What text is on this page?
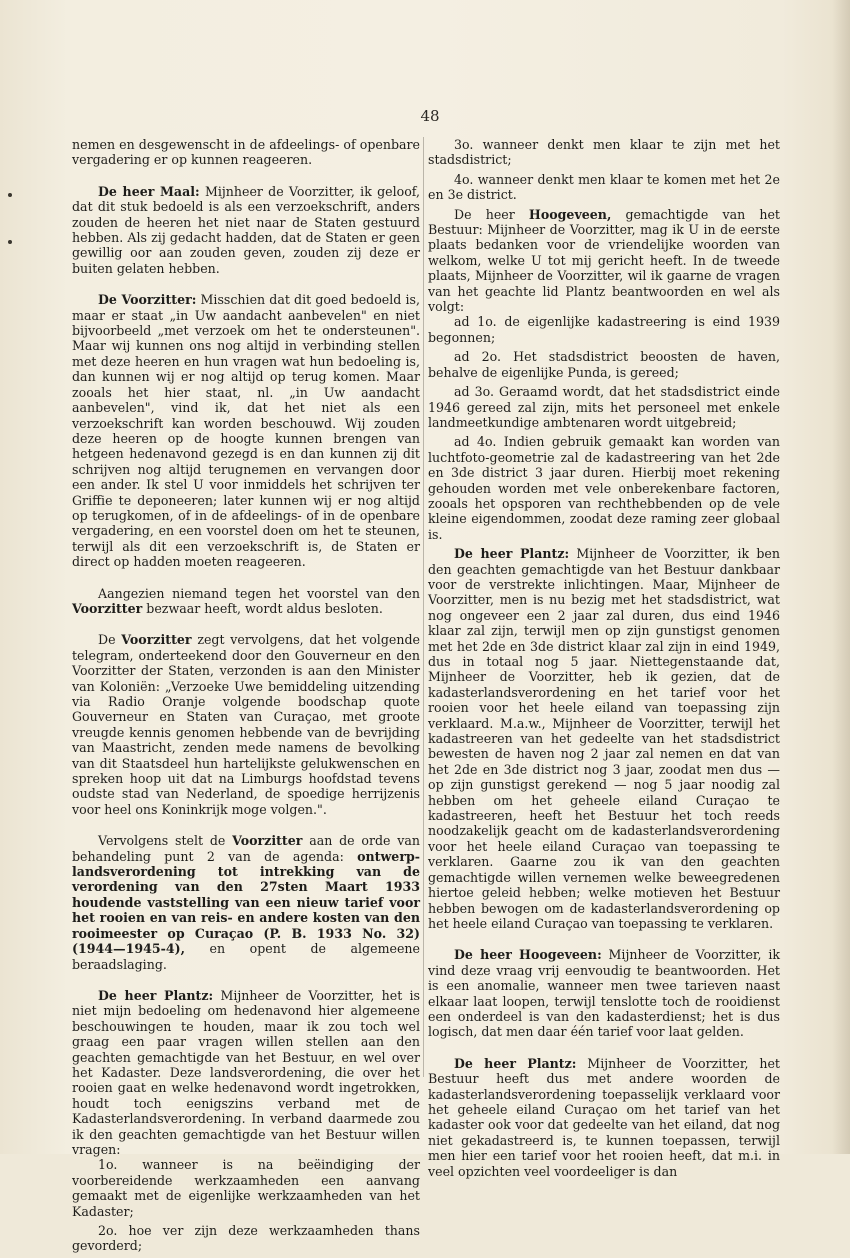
48

nemen en desgewenscht in de afdeelings- of openbare vergadering er op kunnen reageeren.

De heer Maal: Mijnheer de Voorzitter, ik geloof, dat dit stuk bedoeld is als een verzoekschrift, anders zouden de heeren het niet naar de Staten gestuurd hebben. Als zij gedacht hadden, dat de Staten er geen gewillig oor aan zouden geven, zouden zij deze er buiten gelaten hebben.

De Voorzitter: Misschien dat dit goed bedoeld is, maar er staat „in Uw aandacht aanbevelen" en niet bijvoorbeeld „met verzoek om het te ondersteunen". Maar wij kunnen ons nog altijd in verbinding stellen met deze heeren en hun vragen wat hun bedoeling is, dan kunnen wij er nog altijd op terug komen. Maar zooals het hier staat, nl. „in Uw aandacht aanbevelen", vind ik, dat het niet als een verzoekschrift kan worden beschouwd. Wij zouden deze heeren op de hoogte kunnen brengen van hetgeen hedenavond gezegd is en dan kunnen zij dit schrijven nog altijd terugnemen en vervangen door een ander. Ik stel U voor inmiddels het schrijven ter Griffie te deponeeren; later kunnen wij er nog altijd op terugkomen, of in de afdeelings- of in de openbare vergadering, en een voorstel doen om het te steunen, terwijl als dit een verzoekschrift is, de Staten er direct op hadden moeten reageeren.

Aangezien niemand tegen het voorstel van den Voorzitter bezwaar heeft, wordt aldus besloten.

De Voorzitter zegt vervolgens, dat het volgende telegram, onderteekend door den Gouverneur en den Voorzitter der Staten, verzonden is aan den Minister van Koloniën: „Verzoeke Uwe bemiddeling uitzending via Radio Oranje volgende boodschap quote Gouverneur en Staten van Curaçao, met groote vreugde kennis genomen hebbende van de bevrijding van Maastricht, zenden mede namens de bevolking van dit Staatsdeel hun hartelijkste gelukwenschen en spreken hoop uit dat na Limburgs hoofdstad tevens oudste stad van Nederland, de spoedige herrijzenis voor heel ons Koninkrijk moge volgen.".

Vervolgens stelt de Voorzitter aan de orde van behandeling punt 2 van de agenda: ontwerp-landsverordening tot intrekking van de verordening van den 27sten Maart 1933 houdende vaststelling van een nieuw tarief voor het rooien en van reis- en andere kosten van den rooimeester op Curaçao (P. B. 1933 No. 32) (1944—1945-4), en opent de algemeene beraadslaging.

De heer Plantz: Mijnheer de Voorzitter, het is niet mijn bedoeling om hedenavond hier algemeene beschouwingen te houden, maar ik zou toch wel graag een paar vragen willen stellen aan den geachten gemachtigde van het Bestuur, en wel over het Kadaster. Deze landsverordening, die over het rooien gaat en welke hedenavond wordt ingetrokken, houdt toch eenigszins verband met de Kadasterlandsverordening. In verband daarmede zou ik den geachten gemachtigde van het Bestuur willen vragen:

1o. wanneer is na beëindiging der voorbereidende werkzaamheden een aanvang gemaakt met de eigenlijke werkzaamheden van het Kadaster;

2o. hoe ver zijn deze werkzaamheden thans gevorderd;

3o. wanneer denkt men klaar te zijn met het stadsdistrict;

4o. wanneer denkt men klaar te komen met het 2e en 3e district.

De heer Hoogeveen, gemachtigde van het Bestuur: Mijnheer de Voorzitter, mag ik U in de eerste plaats bedanken voor de vriendelijke woorden van welkom, welke U tot mij gericht heeft. In de tweede plaats, Mijnheer de Voorzitter, wil ik gaarne de vragen van het geachte lid Plantz beantwoorden en wel als volgt:

ad 1o. de eigenlijke kadastreering is eind 1939 begonnen;

ad 2o. Het stadsdistrict beoosten de haven, behalve de eigenlijke Punda, is gereed;

ad 3o. Geraamd wordt, dat het stadsdistrict einde 1946 gereed zal zijn, mits het personeel met enkele landmeetkundige ambtenaren wordt uitgebreid;

ad 4o. Indien gebruik gemaakt kan worden van luchtfoto-geometrie zal de kadastreering van het 2de en 3de district 3 jaar duren. Hierbij moet rekening gehouden worden met vele onberekenbare factoren, zooals het opsporen van rechthebbenden op de vele kleine eigendommen, zoodat deze raming zeer globaal is.

De heer Plantz: Mijnheer de Voorzitter, ik ben den geachten gemachtigde van het Bestuur dankbaar voor de verstrekte inlichtingen. Maar, Mijnheer de Voorzitter, men is nu bezig met het stadsdistrict, wat nog ongeveer een 2 jaar zal duren, dus eind 1946 klaar zal zijn, terwijl men op zijn gunstigst genomen met het 2de en 3de district klaar zal zijn in eind 1949, dus in totaal nog 5 jaar. Niettegenstaande dat, Mijnheer de Voorzitter, heb ik gezien, dat de kadasterlandsverordening en het tarief voor het rooien voor het heele eiland van toepassing zijn verklaard. M.a.w., Mijnheer de Voorzitter, terwijl het kadastreeren van het gedeelte van het stadsdistrict bewesten de haven nog 2 jaar zal nemen en dat van het 2de en 3de district nog 3 jaar, zoodat men dus — op zijn gunstigst gerekend — nog 5 jaar noodig zal hebben om het geheele eiland Curaçao te kadastreeren, heeft het Bestuur het toch reeds noodzakelijk geacht om de kadasterlandsverordening voor het heele eiland Curaçao van toepassing te verklaren. Gaarne zou ik van den geachten gemachtigde willen vernemen welke beweegredenen hiertoe geleid hebben; welke motieven het Bestuur hebben bewogen om de kadasterlandsverordening op het heele eiland Curaçao van toepassing te verklaren.

De heer Hoogeveen: Mijnheer de Voorzitter, ik vind deze vraag vrij eenvoudig te beantwoorden. Het is een anomalie, wanneer men twee tarieven naast elkaar laat loopen, terwijl tenslotte toch de rooidienst een onderdeel is van den kadasterdienst; het is dus logisch, dat men daar één tarief voor laat gelden.

De heer Plantz: Mijnheer de Voorzitter, het Bestuur heeft dus met andere woorden de kadasterlandsverordening toepasselijk verklaard voor het geheele eiland Curaçao om het tarief van het kadaster ook voor dat gedeelte van het eiland, dat nog niet gekadastreerd is, te kunnen toepassen, terwijl men hier een tarief voor het rooien heeft, dat m.i. in veel opzichten veel voordeeliger is dan
